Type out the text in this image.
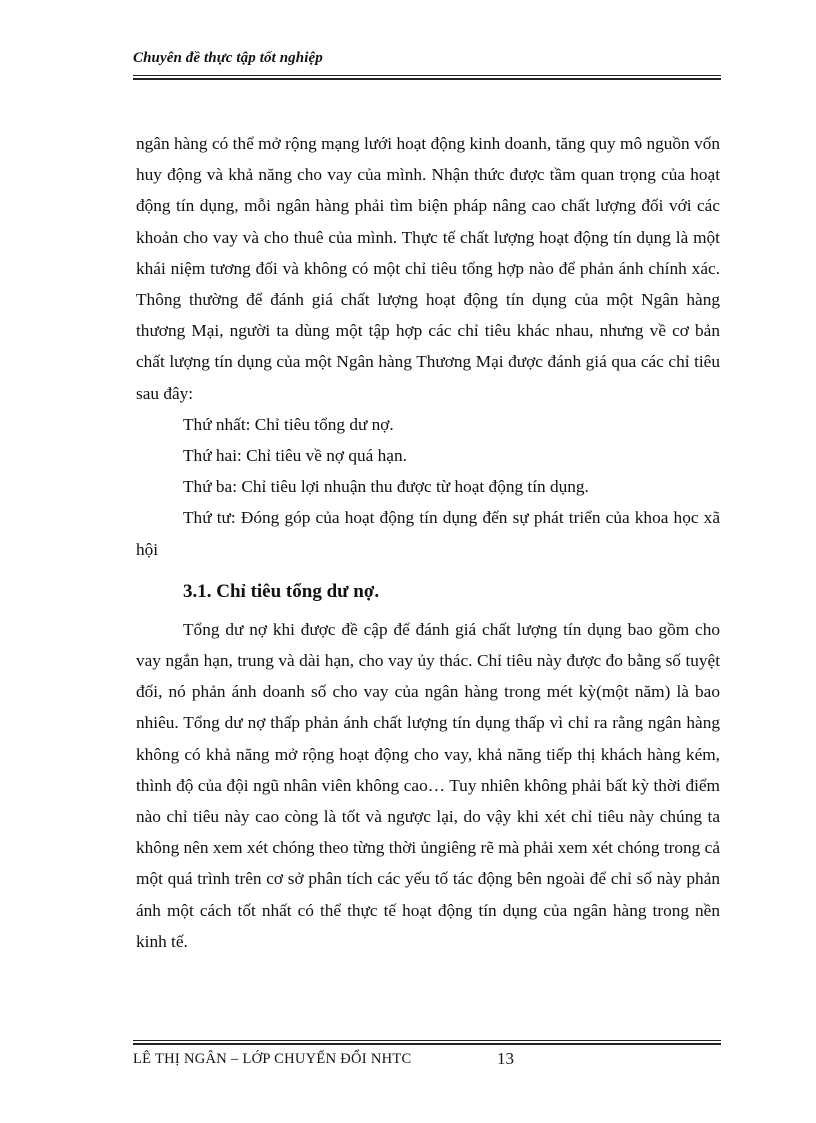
Chuyên đề thực tập tốt nghiệp

ngân hàng có thể mở rộng mạng lưới hoạt động kinh doanh, tăng quy mô nguồn vốn huy động và khả năng cho vay của mình. Nhận thức được tầm quan trọng của hoạt động tín dụng, mỗi ngân hàng phải tìm biện pháp nâng cao chất lượng đối với các khoản cho vay và cho thuê của mình. Thực tế chất lượng hoạt động tín dụng là một khái niệm tương đối và không có một chỉ tiêu tổng hợp nào để phản ánh chính xác. Thông thường để đánh giá chất lượng hoạt động tín dụng của một Ngân hàng thương Mại, người ta dùng một tập hợp các chỉ tiêu khác nhau, nhưng về cơ bản chất lượng tín dụng của một Ngân hàng Thương Mại được đánh giá qua các chỉ tiêu sau đây:

Thứ nhất: Chỉ tiêu tổng dư nợ.

Thứ hai: Chỉ tiêu về nợ quá hạn.

Thứ ba: Chỉ tiêu lợi nhuận thu được từ hoạt động tín dụng.

Thứ tư: Đóng góp của hoạt động tín dụng đến sự phát triển của khoa học xã hội

3.1. Chỉ tiêu tổng dư nợ.

Tổng dư nợ khi được đề cập để đánh giá chất lượng tín dụng bao gồm cho vay ngắn hạn, trung và dài hạn, cho vay ủy thác. Chỉ tiêu này được đo bằng số tuyệt đối, nó phản ánh doanh số cho vay của ngân hàng trong mét kỳ(một năm) là bao nhiêu. Tổng dư nợ thấp phản ánh chất lượng tín dụng thấp vì chỉ ra rằng ngân hàng không có khả năng mở rộng hoạt động cho vay, khả năng tiếp thị khách hàng kém, thình độ của đội ngũ nhân viên không cao… Tuy nhiên không phải bất kỳ thời điểm nào chỉ tiêu này cao còng là tốt và ngược lại, do vậy khi xét chỉ tiêu này chúng ta không nên xem xét chóng theo từng thời ủngiêng rẽ mà phải xem xét chóng trong cả một quá trình trên cơ sở phân tích các yếu tố tác động bên ngoài để chỉ số này phản ánh một cách tốt nhất có thể thực tế hoạt động tín dụng của ngân hàng trong nền kinh tế.

LÊ THỊ NGÂN – LỚP CHUYỂN ĐỔI NHTC	13
